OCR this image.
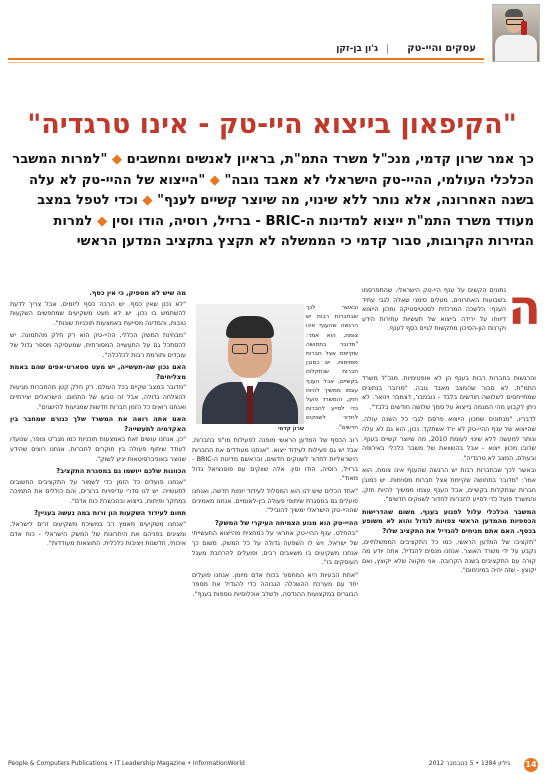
עסקים והיי-טק
ג'ון בן-זקן
"הקיפאון בייצוא היי-טק - אינו טרגדיה"
כך אמר שרון קדמי, מנכ"ל משרד התמ"ת, בראיון לאנשים ומחשבים ◆ "למרות המשבר הכלכלי העולמי, ההיי-טק הישראלי לא מאבד גובה" ◆ "הייצוא של ההיי-טק לא עלה בשנה האחרונה, אלא נותר ללא שינוי, מה שיוצר קשיים לענף" ◆ וכדי לטפל במצב מעודד משרד התמ"ת ייצוא למדינות ה-BRIC - ברזיל, רוסיה, הודו וסין ◆ למרות הגזירות הקרובות, סבור קדמי כי הממשלה לא תקצץ בתקציב המדען הראשי
ה
נתונים הקשים על ענף היי-טק הישראלי, שהתפרסמו בשבועות האחרונים, מעלים סימני שאלה לגבי עתיד הענף: הלשכה המרכזית לסטטיסטיקה ומכון הייצוא דיווחו על ירידה בייצוא של תעשיות עתירות הידע וקרנות הון-הסיכון מתקשות לגייס כסף לענף.

והרגשות בחברות רבות בענף הן לא אופטימיות. מנכ"ל משרד התמ"ת, לא סבור שהמצב מאבד גובה. "מרובר בנתונים שמתייחסים לשלושה חודשים בלבד - נובמבר, דצמבר וינואר. לא ניתן לקבוע מהי המגמה בייצוא על סמך שלושה חודשים בלבד".

לדבריו, "מנתונים שמכון הייצוא פרסם לגבי כל השנה עולה, שהייצוא של ענף ההיי-טק לא ירד אשתקד. נכון, הוא גם לא עלה ונותר למעשה ללא שינוי לעומת 2010, מה שיוצר קשיים בענף. שרובו מכוון ייצוא - אבל בהשוואת של משבר כלכלי באירופה ובעולם, המצב לא טרגדיה".

ובאשר לכך שבחברות רבות יש הרגשה שהענף אינו צומח, הוא אמר: "מדובר בתחושה שקיימת אצל חברות מסוימות. יש כמובן חברות שנתקלות בקשיים, אבל הענף עצמו ממשיך להיות חזק, והמשרד פועל כדי לסייע לחברות לחדור לשווקים חדשים".

המשבר הכלכלי עלול לפגוע בענף. משום שהדרישות הכספיות מהמדען הראשי צפויות לגדול והוא לא משופע בכסף. האם אתם מניחים להגדיל את התקציב שלו?

"תקציבו של המדען הראשי, כמו כל התקציבים הממשלתיים, נקבע על ידי משרד האוצר. אנחנו מנסים להגדיל, אתה יודע מה קורה עם התקציבים בשנה הקרובה. אני מקווה שלא יקוצץ, ואם יקוצץ - שזה יהיה במינימום".

שרון קדמי

רוב הכסף של המדען הראשי מופנה לפעילות מו"פ בחברות, אבל יש גם פעילות לעידוד ייצוא. "אנחנו מעודדים את החברות הישראליות לחדור לשווקים חדשים, ובראשם מדינות ה-BRIC - ברזיל, רוסיה, הודו וסין. אלה שווקים עם פוטנציאל גדול מאוד".

"אחד הכלים שיש לנו הוא המסלול לעידוד יזמות חדשה, ואנחנו פועלים גם במסגרת שיתופי פעולה בין-לאומיים. אנחנו מאמינים שההיי-טק הישראלי ימשיך להוביל".

ההיי-טק הוא מנוע הצמיחה העיקרי של המשק?

"בהחלט. ענף ההיי-טק אחראי על כמחצית מהייצוא התעשייתי של ישראל, ויש לו השפעה גדולה על כל המשק. משום כך אנחנו משקיעים בו משאבים רבים, ופועלים להרחבת מעגל העוסקים בו".

"אחת הבעיות היא המחסור בכוח אדם מיומן. אנחנו פועלים יחד עם מערכת ההשכלה הגבוהה כדי להגדיל את מספר הבוגרים במקצועות ההנדסה, ולשלב אוכלוסיות נוספות בענף".

ובאשר לכך שבחברות רבות יש הרגשה שהענף אינו צומח, הוא אמר: "מדובר בתחושה שקיימת אצל חברות מסוימות. יש כמובן חברות שנתקלות בקשיים, אבל הענף עצמו ממשיך להיות חזק, והמשרד פועל כדי לסייע לחברות לחדור לשווקים חדשים".

מה שיש לא מספיק, כי אין כסף.

"לא נכון שאין כסף. יש הרבה כסף ליזמים, אבל צריך לדעת להשתמש בו נכון. יש לא מעט משקיעים שמחפשים השקעות טובות, והמדינה מסייעת באמצעות תוכניות שונות".

"מבחינת המשק הכללי, ההיי-טק הוא רק חלק מהתמונה. יש להסתכל גם על התעשייה המסורתית, שמעסיקה מספר גדול של עובדים ותורמת רבות לכלכלה".

האם נכון שה-תעשייה, יש מעט סטארט-אפים שהם באמת מצליחים?

"מדובר במצב שקיים בכל העולם. רק חלק קטן מהחברות מגיעות להצלחה גדולה, אבל זה טבעו של התחום. הישראלים יצירתיים ואנחנו רואים כל הזמן חברות חדשות שמגיעות להישגים".

האם אתה רואה את המשרד שלך כגורם שמחבר בין האקדמיה לתעשייה?

"כן, אנחנו עושים זאת באמצעות תוכניות כמו מגנ"ט ונופר, שנועדו לעודד שיתוף פעולה בין חוקרים לחברות. אנחנו רוצים שהידע שנוצר באוניברסיטאות יגיע לשוק".

הכוונות שלכם ייושמו גם במסגרת התקציב?

"אנחנו פועלים כל הזמן כדי לשמור על התקציבים החשובים לתעשייה. יש לנו סדרי עדיפויות ברורים, והם כוללים את התמיכה במחקר ופיתוח, בייצוא ובהכשרת כוח אדם".

תחום לעידוד השקעות הון זרות במה נעשה בעניין?

"אנחנו משקיעים מאמץ רב במשיכת משקיעים זרים לישראל, ומציגים בפניהם את היתרונות של המשק הישראלי - כוח אדם איכותי, חדשנות ויציבות כלכלית. התוצאות מעודדות".

People & Computers Publications • IT Leadership Magazine • InformationWorld	גיליון 1384 • 5 בנובמבר 2012 14
